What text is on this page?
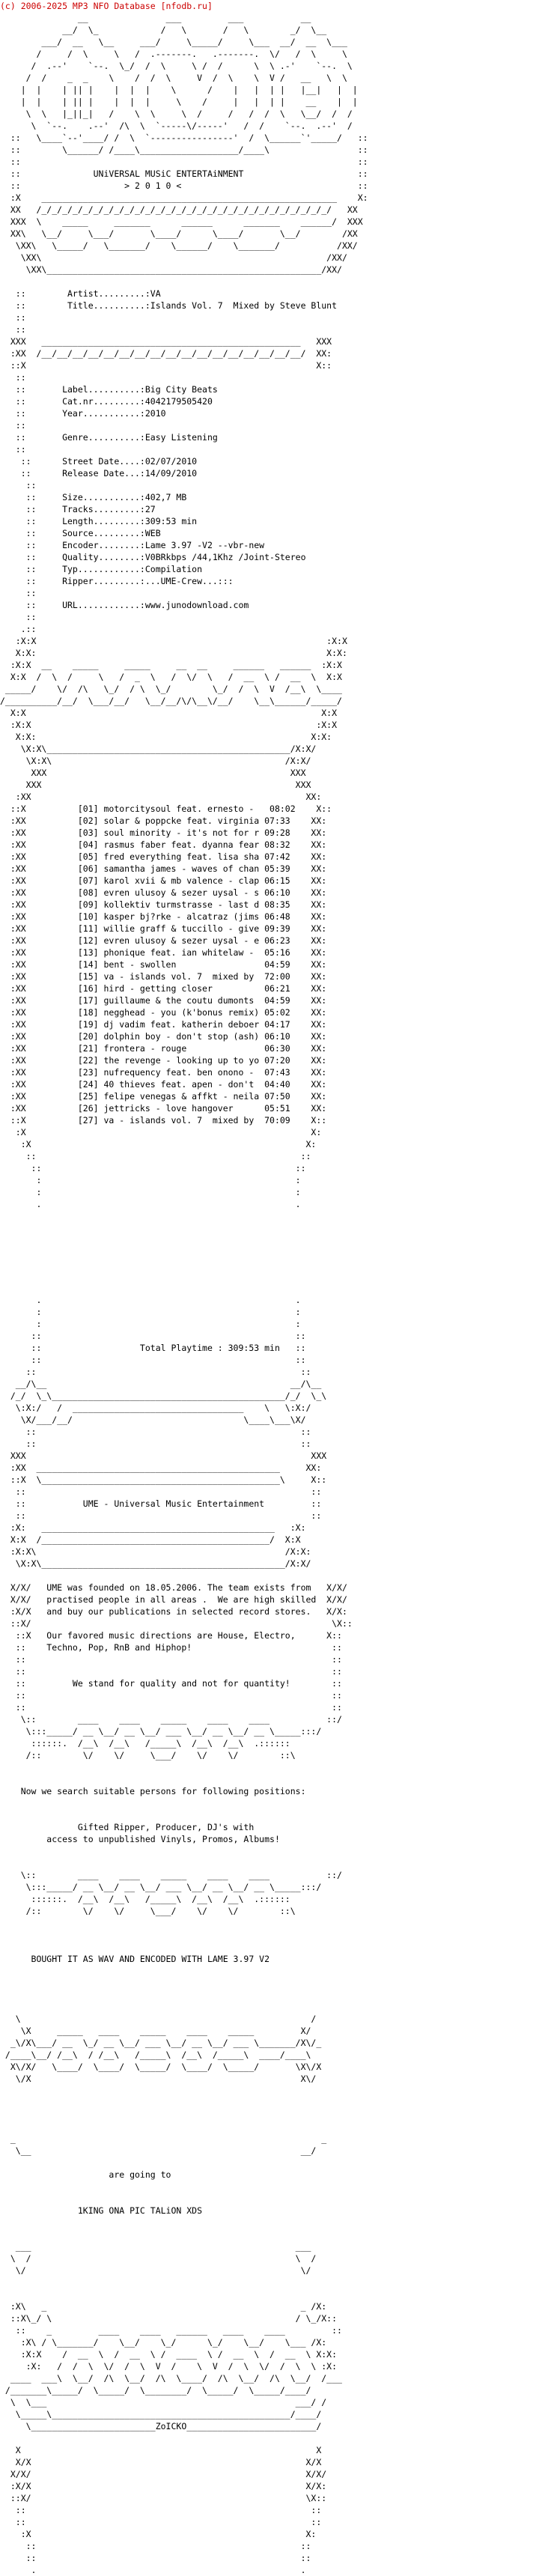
(c) 2006-2025 MP3 NFO Database [nfodb.ru]
__               ___         ___           __
__/  \_            /   \       /   \        _/  \__
___/  __   \__     ___/     \_____/     \___  __/  __  \___
/     /  \     \   /  .-------.   .-------.  \/   /  \     \
/  .--'    `--.  \_/  /  \     \ /  /      \  \ .-'    `--.  \
/  /    _  _    \    /  /  \     V  /  \    \  V /   __   \  \
|  |    | || |    |  |  |    \      /    |   |  | |   |__|   |  |
|  |    | || |    |  |  |     \    /     |   |  | |    __    |  |
\  \   |_||_|   /    \  \     \  /     /   /  /  \   \__/  /  /
\  `--.    .--'  /\  \  `-----\/-----'   /  /    `--.  .--'  /
::   \____`--'____/ /  \  `----------------'  /  \______`'_____/   ::
::        \______/ /____\___________________/____\                 ::
::                                                                 ::
::              UNiVERSAL MUSiC ENTERTAiNMENT                      ::
::                    > 2 0 1 0 <                                  ::
:X    _________________________________________________________    X:
XX   /_/_/_/_/_/_/_/_/_/_/_/_/_/_/_/_/_/_/_/_/_/_/_/_/_/_/_/_/   XX
XXX  \    _____     _______      ______      _______    ______/  XXX
XX\   \__/     \___/       \____/      \____/       \__/        /XX
\XX\   \_____/   \_______/    \______/    \_______/           /XX/
\XX\                                                       /XX/
\XX\_____________________________________________________/XX/

::        Artist.........:VA
::        Title..........:Islands Vol. 7  Mixed by Steve Blunt
::
::
XXX   __________________________________________________   XXX
:XX  /__/__/__/__/__/__/__/__/__/__/__/__/__/__/__/__/__/  XX:
::X                                                        X::
::
::       Label..........:Big City Beats
::       Cat.nr.........:4042179505420
::       Year...........:2010
::
::       Genre..........:Easy Listening
::
::      Street Date....:02/07/2010
::      Release Date...:14/09/2010
::
::     Size...........:402,7 MB
::     Tracks.........:27
::     Length.........:309:53 min
::     Source.........:WEB
::     Encoder........:Lame 3.97 -V2 --vbr-new
::     Quality........:V0BRkbps /44,1Khz /Joint-Stereo
::     Typ............:Compilation
::     Ripper.........:...UME-Crew...:::
::
::     URL............:www.junodownload.com
::
.::
:X:X                                                        :X:X
X:X:                                                        X:X:
:X:X  __    _____     _____     __  __     ______   ______  :X:X
X:X  /  \  /     \   /  _  \   /  \/  \   /  __  \ /  __  \  X:X
_____/    \/  /\   \_/  / \  \_/        \_/  /  \  V  /__\  \____
/__________/__/  \___/__/   \__/__/\/\__\/__/    \__\______/_____/
X:X                                                         X:X
:X:X                                                       :X:X
X:X:                                                     X:X:
\X:X\_______________________________________________/X:X/
\X:X\                                             /X:X/
XXX                                               XXX
XXX                                                 XXX
:XX                                                     XX:
::X          [01] motorcitysoul feat. ernesto -   08:02    X::
:XX          [02] solar & poppcke feat. virginia 07:33    XX:
:XX          [03] soul minority - it's not for r 09:28    XX:
:XX          [04] rasmus faber feat. dyanna fear 08:32    XX:
:XX          [05] fred everything feat. lisa sha 07:42    XX:
:XX          [06] samantha james - waves of chan 05:39    XX:
:XX          [07] karol xvii & mb valence - clap 06:15    XX:
:XX          [08] evren ulusoy & sezer uysal - s 06:10    XX:
:XX          [09] kollektiv turmstrasse - last d 08:35    XX:
:XX          [10] kasper bj?rke - alcatraz (jims 06:48    XX:
:XX          [11] willie graff & tuccillo - give 09:39    XX:
:XX          [12] evren ulusoy & sezer uysal - e 06:23    XX:
:XX          [13] phonique feat. ian whitelaw -  05:16    XX:
:XX          [14] bent - swollen                 04:59    XX:
:XX          [15] va - islands vol. 7  mixed by  72:00    XX:
:XX          [16] hird - getting closer          06:21    XX:
:XX          [17] guillaume & the coutu dumonts  04:59    XX:
:XX          [18] negghead - you (k'bonus remix) 05:02    XX:
:XX          [19] dj vadim feat. katherin deboer 04:17    XX:
:XX          [20] dolphin boy - don't stop (ash) 06:10    XX:
:XX          [21] frontera - rouge               06:30    XX:
:XX          [22] the revenge - looking up to yo 07:20    XX:
:XX          [23] nufrequency feat. ben onono -  07:43    XX:
:XX          [24] 40 thieves feat. apen - don't  04:40    XX:
:XX          [25] felipe venegas & affkt - neila 07:50    XX:
:XX          [26] jettricks - love hangover      05:51    XX:
::X          [27] va - islands vol. 7  mixed by  70:09    X::
:X                                                       X:
:X                                                     X:
::                                                   ::
::                                                 ::
:                                                 :
:                                                 :
.                                                 .

.                                                 .
:                                                 :
:                                                 :
::                                                 ::
::                   Total Playtime : 309:53 min   ::
::                                                 ::
::                                                   ::
__/\__                                               __/\__
/_/  \_\_____________________________________________/_/  \_\
\:X:/   /  _________________________________    \   \:X:/
\X/___/__/                                 \____\___\X/
::                                                   ::
::                                                   ::
XXX                                                       XXX
:XX  _______________________________________________     XX:
::X  \______________________________________________\     X::
::                                                       ::
::           UME - Universal Music Entertainment         ::
::                                                       ::
:X:   _____________________________________________   :X:
X:X  /____________________________________________/  X:X
:X:X\                                                /X:X:
\X:X\_______________________________________________/X:X/

X/X/   UME was founded on 18.05.2006. The team exists from   X/X/
X/X/   practised people in all areas .  We are high skilled  X/X/
:X/X   and buy our publications in selected record stores.   X/X:
::X/                                                          \X::
::X   Our favored music directions are House, Electro,      X::
::    Techno, Pop, RnB and Hiphop!                           ::
::                                                           ::
::                                                           ::
::         We stand for quality and not for quantity!        ::
::                                                           ::
::                                                           ::
\::        ____    ____    _____    ____    ____           ::/
\:::_____/ __ \__/ __ \__/ ___ \__/ __ \__/ __ \_____:::/
::::::.  /__\  /__\   /_____\  /__\  /__\  .::::::
/::        \/    \/     \___/    \/    \/        ::\

Now we search suitable persons for following positions:

Gifted Ripper, Producer, DJ's with
access to unpublished Vinyls, Promos, Albums!

\::        ____    ____    _____    ____    ____           ::/
\:::_____/ __ \__/ __ \__/ ___ \__/ __ \__/ __ \_____:::/
::::::.  /__\  /__\   /_____\  /__\  /__\  .::::::
/::        \/    \/     \___/    \/    \/        ::\

BOUGHT IT AS WAV AND ENCODED WITH LAME 3.97 V2

\                                                        /
\X     _____   ____    _____    ____    _____         X/
_\/X\___/ __  \_/ __ \__/ ___ \__/ __ \__/ ___ \_______/X\/_
/____\__/ /__\  / /__\   /_____\  /__\  /_____\  ____/____\
X\/X/   \____/  \____/  \_____/  \____/  \_____/       \X\/X
\/X                                                    X\/

_                                                           _
\__                                                    __/

are going to

1KING ONA PIC TALiON XDS

___                                                   ___
\  /                                                   \  /
\/                                                     \/

:X\   _                                                 _ /X:
::X\_/ \                                               / \_/X::
::    _         ____    ____   ______   ____    ____         ::
:X\ / \_______/    \__/    \_/      \_/    \__/    \___ /X:
:X:X    /  __  \  /  __  \ /  ____  \ /  __  \  /  __  \ X:X:
:X:   /  /  \  \/  /  \  V  /    \  V  /  \  \/  /  \  \ :X:
____  ___\  \__/  /\  \__/  /\  \____/  /\  \__/  /\  \__/  /___
/_______\_____/  \_____/  \________/  \_____/  \_____/____/
\  \___                                                ___/ /
\_____\______________________________________________/____/
\________________________ZoICKO_________________________/

X                                                         X
X/X                                                     X/X
X/X/                                                     X/X/
:X/X                                                     X/X:
::X/                                                     \X::
::                                                       ::
::                                                       ::
:X                                                     X:
::                                                   ::
::                                                   ::
.                                                   .
